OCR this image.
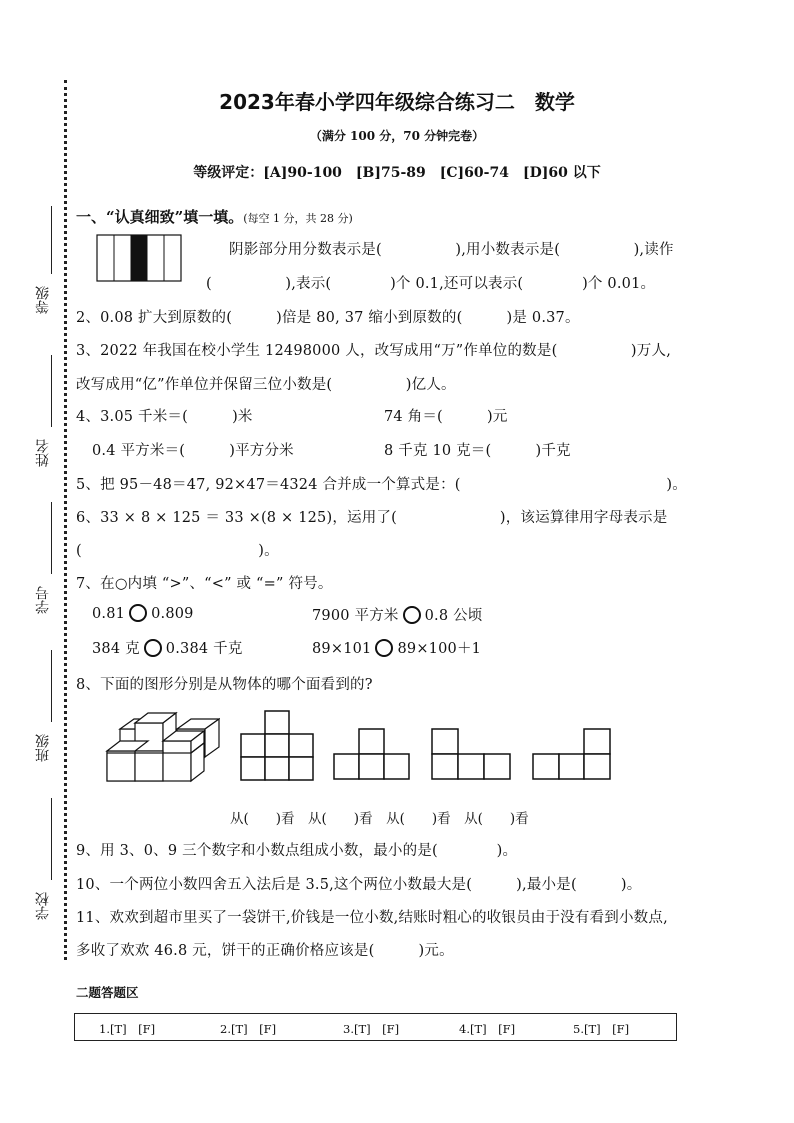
等级
姓名
学号
班级
学校
2023年春小学四年级综合练习二　数学
（满分 100 分，70 分钟完卷）
等级评定：[A]90-100　[B]75-89　[C]60-74　[D]60 以下
一、“认真细致”填一填。(每空 1 分，共 28 分)
阴影部分用分数表示是(　　　　　),用小数表示是(　　　　　),读作
(　　　　　),表示(　　　　)个 0.1,还可以表示(　　　　)个 0.01。
2、0.08 扩大到原数的(　　　)倍是 80, 37 缩小到原数的(　　　)是 0.37。
3、2022 年我国在校小学生 12498000 人，改写成用“万”作单位的数是(　　　　　)万人,
改写成用“亿”作单位并保留三位小数是(　　　　　)亿人。
4、3.05 千米＝(　　　)米	74 角＝(　　　)元
0.4 平方米＝(　　　)平方分米	8 千克 10 克＝(　　　)千克
5、把 95－48＝47, 92×47＝4324 合并成一个算式是：(　　　　　　　　　　　　　　)。
6、33 × 8 × 125 ＝ 33 ×(8 × 125)，运用了(　　　　　　　)，该运算律用字母表示是
(　　　　　　　　　　　　)。
7、在○内填 “>”、“<” 或 “=” 符号。
0.81 0.809	7900 平方米 0.8 公顷
384 克 0.384 千克	89×101 89×100＋1
8、下面的图形分别是从物体的哪个面看到的?
从(　　)看　从(　　)看　从(　　)看　从(　　)看
9、用 3、0、9 三个数字和小数点组成小数，最小的是(　　　　)。
10、一个两位小数四舍五入法后是 3.5,这个两位小数最大是(　　　),最小是(　　　)。
11、欢欢到超市里买了一袋饼干,价钱是一位小数,结账时粗心的收银员由于没有看到小数点,
多收了欢欢 46.8 元，饼干的正确价格应该是(　　　)元。
二题答题区
1.[T]　[F]	2.[T]　[F]	3.[T]　[F]	4.[T]　[F]	5.[T]　[F]
